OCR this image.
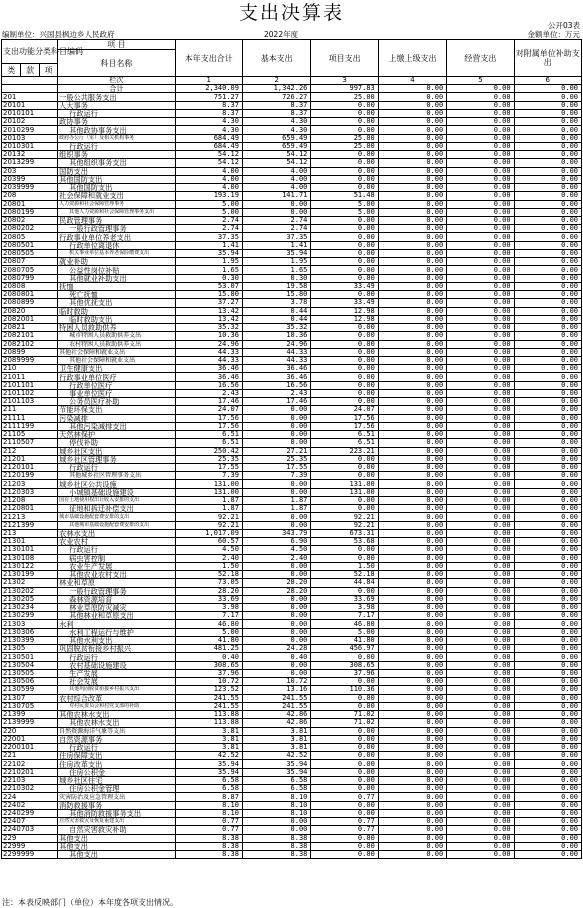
支出决算表
公开03表
编制单位：兴国县枫边乡人民政府	2022年度	金额单位：万元
支出功能分类科目编码			项 目	本年支出合计	基本支出	项目支出	上缴上级支出	经营支出	对附属单位补助支出
			科目名称						
类	款	项							
			栏次	1	2	3	4	5	6
			合计	2,340.09	1,342.26	997.83	0.00	0.00	0.00
201			一般公共服务支出	751.27	726.27	25.00	0.00	0.00	0.00
20101			人大事务	8.37	8.37	0.00	0.00	0.00	0.00
2010101			行政运行	8.37	8.37	0.00	0.00	0.00	0.00
20102			政协事务	4.30	4.30	0.00	0.00	0.00	0.00
2010299			其他政协事务支出	4.30	4.30	0.00	0.00	0.00	0.00
20103			政府办公厅（室）及相关机构事务	684.49	659.49	25.00	0.00	0.00	0.00
2010301			行政运行	684.49	659.49	25.00	0.00	0.00	0.00
20132			组织事务	54.12	54.12	0.00	0.00	0.00	0.00
2013299			其他组织事务支出	54.12	54.12	0.00	0.00	0.00	0.00
203			国防支出	4.00	4.00	0.00	0.00	0.00	0.00
20399			其他国防支出	4.00	4.00	0.00	0.00	0.00	0.00
2039999			其他国防支出	4.00	4.00	0.00	0.00	0.00	0.00
208			社会保障和就业支出	193.19	141.71	51.48	0.00	0.00	0.00
20801			人力资源和社会保障管理事务	5.00	0.00	5.00	0.00	0.00	0.00
2080199			其他人力资源和社会保障管理事务支出	5.00	0.00	5.00	0.00	0.00	0.00
20802			民政管理事务	2.74	2.74	0.00	0.00	0.00	0.00
2080202			一般行政管理事务	2.74	2.74	0.00	0.00	0.00	0.00
20805			行政事业单位养老支出	37.35	37.35	0.00	0.00	0.00	0.00
2080501			行政单位离退休	1.41	1.41	0.00	0.00	0.00	0.00
2080505			机关事业单位基本养老保险缴费支出	35.94	35.94	0.00	0.00	0.00	0.00
20807			就业补助	1.95	1.95	0.00	0.00	0.00	0.00
2080705			公益性岗位补贴	1.65	1.65	0.00	0.00	0.00	0.00
2080799			其他就业补助支出	0.30	0.30	0.00	0.00	0.00	0.00
20808			抚恤	53.07	19.58	33.49	0.00	0.00	0.00
2080801			死亡抚恤	15.80	15.80	0.00	0.00	0.00	0.00
2080899			其他优抚支出	37.27	3.78	33.49	0.00	0.00	0.00
20820			临时救助	13.42	0.44	12.98	0.00	0.00	0.00
2082001			临时救助支出	13.42	0.44	12.98	0.00	0.00	0.00
20821			特困人员救助供养	35.32	35.32	0.00	0.00	0.00	0.00
2082101			城市特困人员救助供养支出	10.36	10.36	0.00	0.00	0.00	0.00
2082102			农村特困人员救助供养支出	24.96	24.96	0.00	0.00	0.00	0.00
20899			其他社会保障和就业支出	44.33	44.33	0.00	0.00	0.00	0.00
2089999			其他社会保障和就业支出	44.33	44.33	0.00	0.00	0.00	0.00
210			卫生健康支出	36.46	36.46	0.00	0.00	0.00	0.00
21011			行政事业单位医疗	36.46	36.46	0.00	0.00	0.00	0.00
2101101			行政单位医疗	16.56	16.56	0.00	0.00	0.00	0.00
2101102			事业单位医疗	2.43	2.43	0.00	0.00	0.00	0.00
2101103			公务员医疗补助	17.46	17.46	0.00	0.00	0.00	0.00
211			节能环保支出	24.07	0.00	24.07	0.00	0.00	0.00
21111			污染减排	17.56	0.00	17.56	0.00	0.00	0.00
2111199			其他污染减排支出	17.56	0.00	17.56	0.00	0.00	0.00
21105			天然林保护	6.51	0.00	6.51	0.00	0.00	0.00
2110507			停伐补助	6.51	0.00	6.51	0.00	0.00	0.00
212			城乡社区支出	250.42	27.21	223.21	0.00	0.00	0.00
21201			城乡社区管理事务	25.35	25.35	0.00	0.00	0.00	0.00
2120101			行政运行	17.55	17.55	0.00	0.00	0.00	0.00
2120199			其他城乡社区管理事务支出	7.39	7.39	0.00	0.00	0.00	0.00
21203			城乡社区公共设施	131.00	0.00	131.00	0.00	0.00	0.00
2120303			小城镇基础设施建设	131.00	0.00	131.00	0.00	0.00	0.00
21208			国有土地使用权出让收入安排的支出	1.87	1.87	0.00	0.00	0.00	0.00
2120801			征地和拆迁补偿支出	1.87	1.87	0.00	0.00	0.00	0.00
21213			城市基础设施配套费安排的支出	92.21	0.00	92.21	0.00	0.00	0.00
2121399			其他城市基础设施配套费安排的支出	92.21	0.00	92.21	0.00	0.00	0.00
213			农林水支出	1,017.09	343.79	673.31	0.00	0.00	0.00
21301			农业农村	60.57	6.90	53.68	0.00	0.00	0.00
2130101			行政运行	4.50	4.50	0.00	0.00	0.00	0.00
2130108			病虫害控制	2.40	2.40	0.00	0.00	0.00	0.00
2130122			农业生产发展	1.50	0.00	1.50	0.00	0.00	0.00
2130199			其他农业农村支出	52.18	0.00	52.18	0.00	0.00	0.00
21302			林业和草原	73.05	28.20	44.84	0.00	0.00	0.00
2130202			一般行政管理事务	28.20	28.20	0.00	0.00	0.00	0.00
2130205			森林资源培育	33.69	0.00	33.69	0.00	0.00	0.00
2130234			林业草原防灾减灾	3.98	0.00	3.98	0.00	0.00	0.00
2130299			其他林业和草原支出	7.17	0.00	7.17	0.00	0.00	0.00
21303			水利	46.80	0.00	46.80	0.00	0.00	0.00
2130306			水利工程运行与维护	5.00	0.00	5.00	0.00	0.00	0.00
2130399			其他水利支出	41.80	0.00	41.80	0.00	0.00	0.00
21305			巩固脱贫衔接乡村振兴	481.25	24.28	456.97	0.00	0.00	0.00
2130501			行政运行	0.40	0.40	0.00	0.00	0.00	0.00
2130504			农村基础设施建设	308.65	0.00	308.65	0.00	0.00	0.00
2130505			生产发展	37.96	0.00	37.96	0.00	0.00	0.00
2130506			社会发展	10.72	10.72	0.00	0.00	0.00	0.00
2130599			其他巩固脱贫衔接乡村振兴支出	123.52	13.16	110.36	0.00	0.00	0.00
21307			农村综合改革	241.55	241.55	0.00	0.00	0.00	0.00
2130705			对村民委员会和村党支部的补助	241.55	241.55	0.00	0.00	0.00	0.00
21399			其他农林水支出	113.88	42.86	71.02	0.00	0.00	0.00
2139999			其他农林水支出	113.88	42.86	71.02	0.00	0.00	0.00
220			自然资源海洋气象等支出	3.81	3.81	0.00	0.00	0.00	0.00
22001			自然资源事务	3.81	3.81	0.00	0.00	0.00	0.00
2200101			行政运行	3.81	3.81	0.00	0.00	0.00	0.00
221			住房保障支出	42.52	42.52	0.00	0.00	0.00	0.00
22102			住房改革支出	35.94	35.94	0.00	0.00	0.00	0.00
2210201			住房公积金	35.94	35.94	0.00	0.00	0.00	0.00
22103			城乡社区住宅	6.58	6.58	0.00	0.00	0.00	0.00
2210302			住房公积金管理	6.58	6.58	0.00	0.00	0.00	0.00
224			灾害防治及应急管理支出	8.87	8.10	0.77	0.00	0.00	0.00
22402			消防救援事务	8.10	8.10	0.00	0.00	0.00	0.00
2240299			其他消防救援事务支出	8.10	8.10	0.00	0.00	0.00	0.00
22407			自然灾害救灾及恢复重建支出	0.77	0.00	0.77	0.00	0.00	0.00
2240703			自然灾害救灾补助	0.77	0.00	0.77	0.00	0.00	0.00
229			其他支出	8.38	8.38	0.00	0.00	0.00	0.00
22999			其他支出	8.38	8.38	0.00	0.00	0.00	0.00
2299999			其他支出	8.38	8.38	0.00	0.00	0.00	0.00
注：本表反映部门（单位）本年度各项支出情况。
